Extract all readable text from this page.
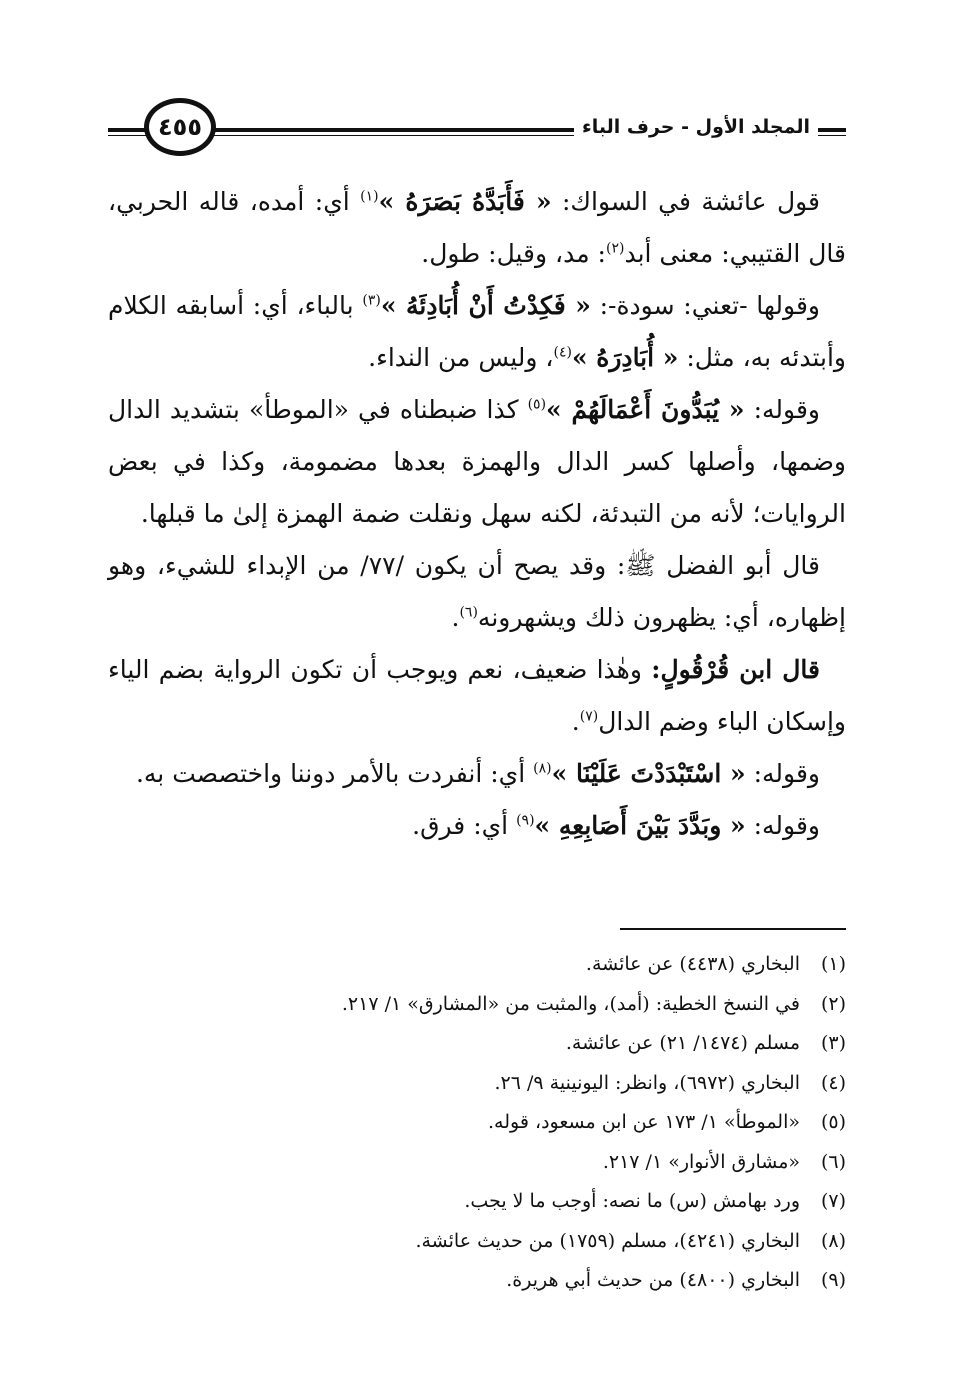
المجلد الأول - حرف الباء
٤٥٥

قول عائشة في السواك: « فَأَبَدَّهُ بَصَرَهُ »$^{(١)}$ أي: أمده، قاله الحربي، قال القتيبي: معنى أبد$^{(٢)}$: مد، وقيل: طول.

وقولها -تعني: سودة-: « فَكِدْتُ أَنْ أُبَادِئَهُ »$^{(٣)}$ بالباء، أي: أسابقه الكلام وأبتدئه به، مثل: « أُبَادِرَهُ »$^{(٤)}$، وليس من النداء.

وقوله: « يُبَدُّونَ أَعْمَالَهُمْ »$^{(٥)}$ كذا ضبطناه في «الموطأ» بتشديد الدال وضمها، وأصلها كسر الدال والهمزة بعدها مضمومة، وكذا في بعض الروايات؛ لأنه من التبدئة، لكنه سهل ونقلت ضمة الهمزة إلىٰ ما قبلها.

قال أبو الفضل ﷺ: وقد يصح أن يكون /٧٧/ من الإبداء للشيء، وهو إظهاره، أي: يظهرون ذلك ويشهرونه$^{(٦)}$.

قال ابن قُرْقُولٍ: وهٰذا ضعيف، نعم ويوجب أن تكون الرواية بضم الياء وإسكان الباء وضم الدال$^{(٧)}$.

وقوله: « اسْتَبْدَدْتَ عَلَيْنَا »$^{(٨)}$ أي: أنفردت بالأمر دوننا واختصصت به.

وقوله: « وبَدَّدَ بَيْنَ أَصَابِعِهِ »$^{(٩)}$ أي: فرق.

(١)البخاري (٤٤٣٨) عن عائشة.
(٢)في النسخ الخطية: (أمد)، والمثبت من «المشارق» ١/ ٢١٧.
(٣)مسلم (١٤٧٤/ ٢١) عن عائشة.
(٤)البخاري (٦٩٧٢)، وانظر: اليونينية ٩/ ٢٦.
(٥)«الموطأ» ١/ ١٧٣ عن ابن مسعود، قوله.
(٦)«مشارق الأنوار» ١/ ٢١٧.
(٧)ورد بهامش (س) ما نصه: أوجب ما لا يجب.
(٨)البخاري (٤٢٤١)، مسلم (١٧٥٩) من حديث عائشة.
(٩)البخاري (٤٨٠٠) من حديث أبي هريرة.
